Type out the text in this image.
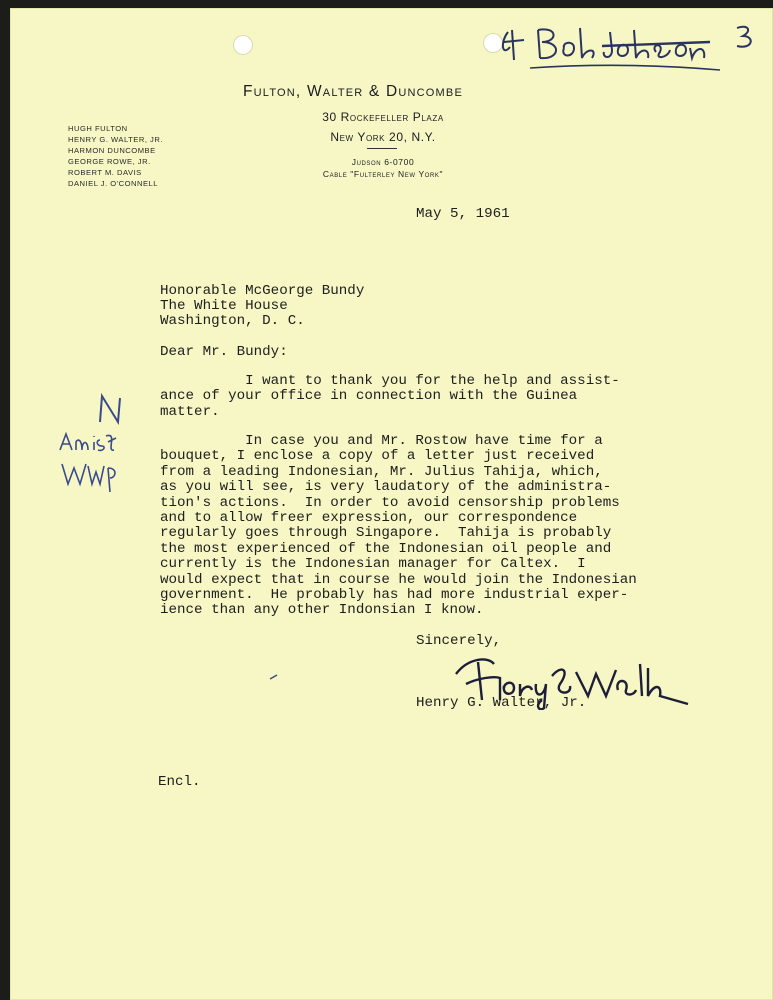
Fulton, Walter & Duncombe
30 Rockefeller Plaza
New York 20, N.Y.
Judson 6-0700
Cable "Fulterley New York"
HUGH FULTON
HENRY G. WALTER, JR.
HARMON DUNCOMBE
GEORGE ROWE, JR.
ROBERT M. DAVIS
DANIEL J. O'CONNELL
May 5, 1961
Honorable McGeorge Bundy
The White House
Washington, D. C.
Dear Mr. Bundy:
I want to thank you for the help and assist-
ance of your office in connection with the Guinea
matter.
In case you and Mr. Rostow have time for a
bouquet, I enclose a copy of a letter just received
from a leading Indonesian, Mr. Julius Tahija, which,
as you will see, is very laudatory of the administra-
tion's actions.  In order to avoid censorship problems
and to allow freer expression, our correspondence
regularly goes through Singapore.  Tahija is probably
the most experienced of the Indonesian oil people and
currently is the Indonesian manager for Caltex.  I
would expect that in course he would join the Indonesian
government.  He probably has had more industrial exper-
ience than any other Indonsian I know.
Sincerely,
Henry G. Walter, Jr.
Encl.
